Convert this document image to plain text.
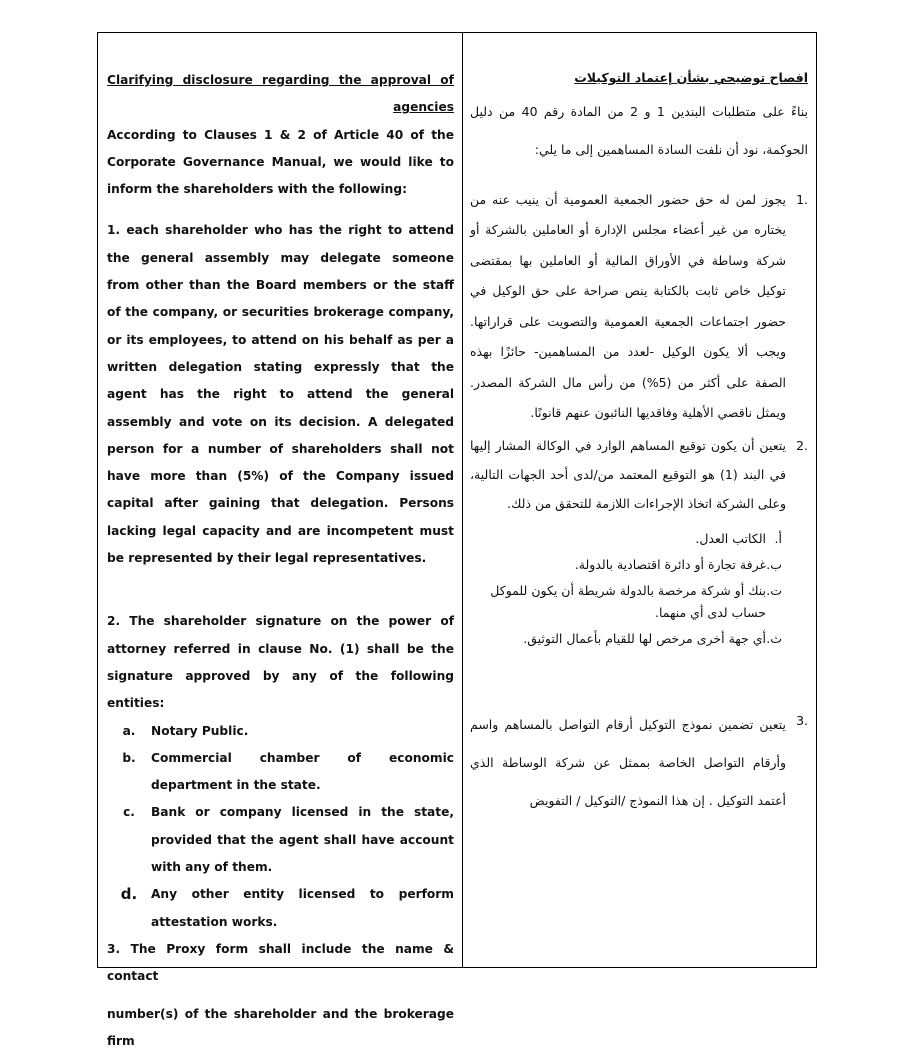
Clarifying disclosure regarding the approval of
agencies
According to Clauses 1 & 2 of Article 40 of the Corporate Governance Manual, we would like to inform the shareholders with the following:
1. each shareholder who has the right to attend the general assembly may delegate someone from other than the Board members or the staff of the company, or securities brokerage company, or its employees, to attend on his behalf as per a written delegation stating expressly that the agent has the right to attend the general assembly and vote on its decision. A delegated person for a number of shareholders shall not have more than (5%) of the Company issued capital after gaining that delegation. Persons lacking legal capacity and are incompetent must be represented by their legal representatives.
2. The shareholder signature on the power of attorney referred in clause No. (1) shall be the signature approved by any of the following entities:
a.	Notary Public.
b.	Commercial chamber of economic department in the state.
c.	Bank or company licensed in the state, provided that the agent shall have account with any of them.
d.	Any other entity licensed to perform attestation works.
3. The Proxy form shall include the name & contact
number(s) of the shareholder and the brokerage firm
افصاح توضيحي بشأن إعتماد التوكيلات
بناءً على متطلبات البندين 1 و 2 من المادة رقم 40 من دليل الحوكمة، نود أن نلفت السادة المساهمين إلى ما يلي:
.1
يجوز لمن له حق حضور الجمعية العمومية أن ينيب عنه من يختاره من غير أعضاء مجلس الإدارة أو العاملين بالشركة أو شركة وساطة في الأوراق المالية أو العاملين بها بمقتضى توكيل خاص ثابت بالكتابة ينص صراحة على حق الوكيل في حضور اجتماعات الجمعية العمومية والتصويت على قراراتها. ويجب ألا يكون الوكيل -لعدد من المساهمين- حائزًا بهذه الصفة على أكثر من (5%) من رأس مال الشركة المصدر. ويمثل ناقصي الأهلية وفاقديها النائبون عنهم قانونًا.
.2
يتعين أن يكون توقيع المساهم الوارد في الوكالة المشار إليها في البند (1) هو التوقيع المعتمد من/لدى أحد الجهات التالية، وعلى الشركة اتخاذ الإجراءات اللازمة للتحقق من ذلك.
أ.
الكاتب العدل.
ب.
غرفة تجارة أو دائرة اقتصادية بالدولة.
ت.
بنك أو شركة مرخصة بالدولة شريطة أن يكون للموكل حساب لدى أي منهما.
ث.
أي جهة أخرى مرخص لها للقيام بأعمال التوثيق.
.3
يتعين تضمين نموذج التوكيل أرقام التواصل بالمساهم واسم وأرقام التواصل الخاصة بممثل عن شركة الوساطة الذي أعتمد التوكيل . إن هذا النموذج /التوكيل / التفويض
